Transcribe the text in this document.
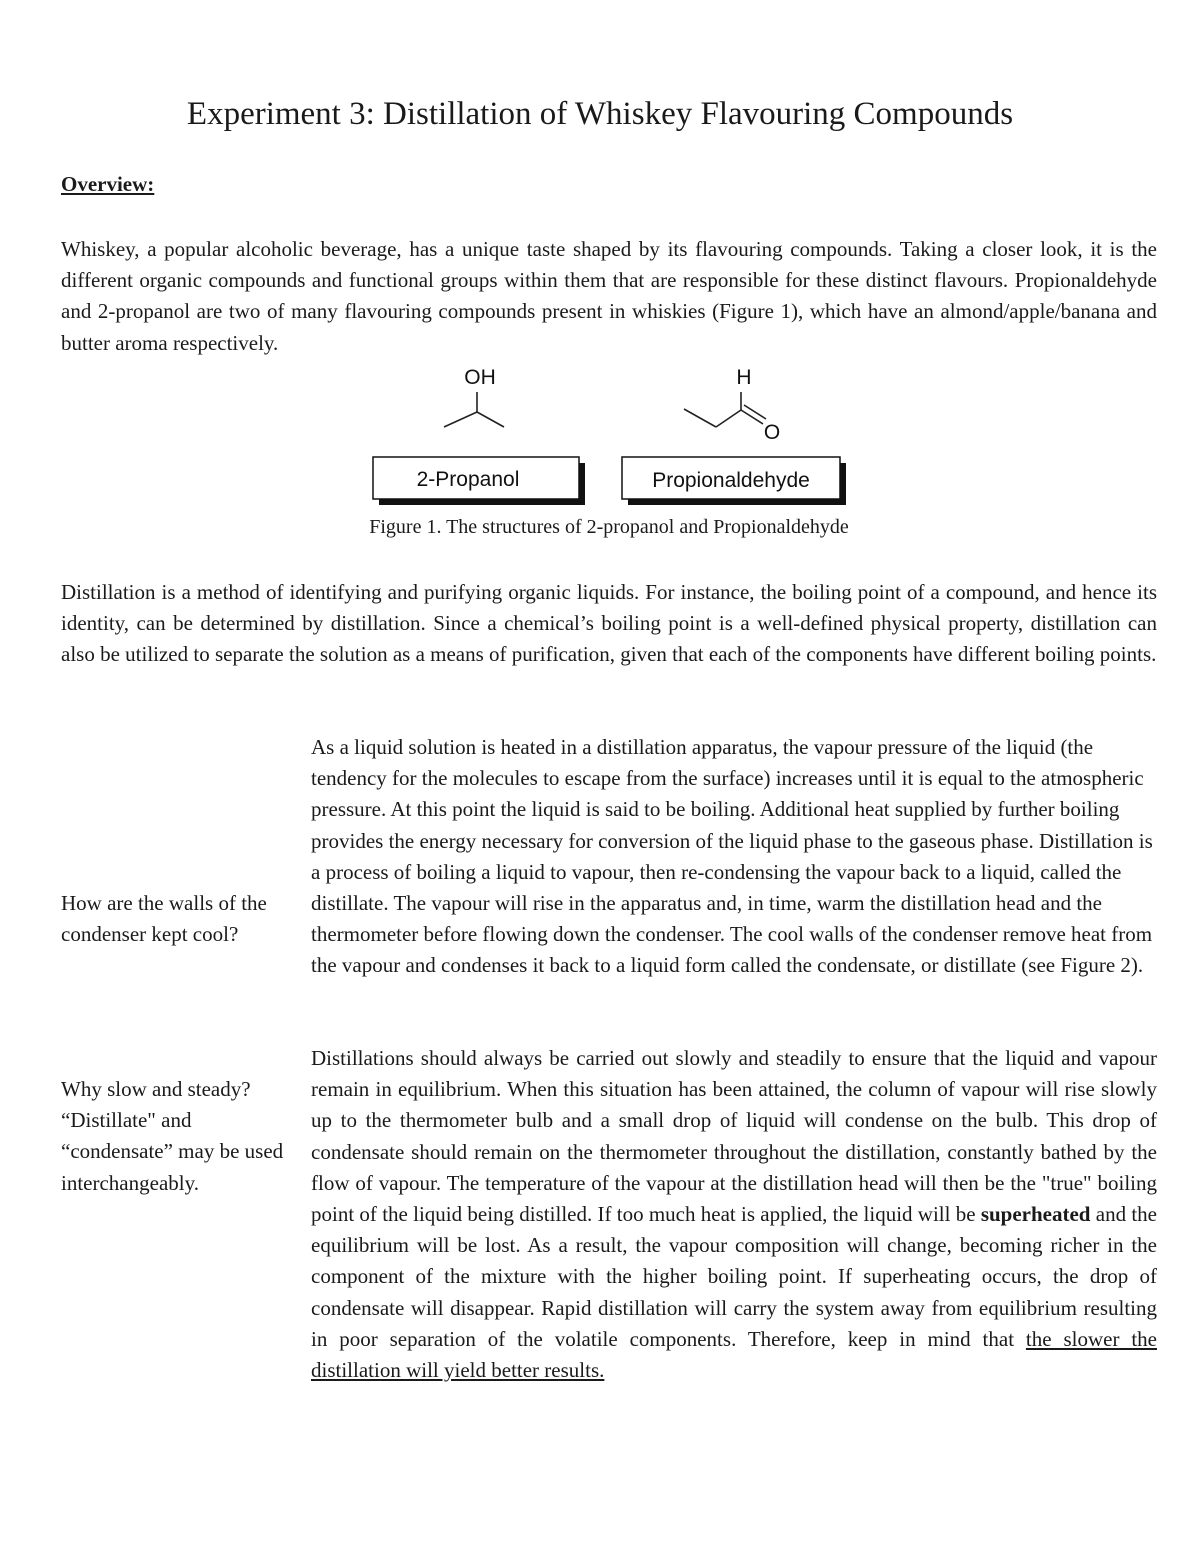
Experiment 3: Distillation of Whiskey Flavouring Compounds
Overview:

Whiskey, a popular alcoholic beverage, has a unique taste shaped by its flavouring compounds. Taking a closer look, it is the different organic compounds and functional groups within them that are responsible for these distinct flavours. Propionaldehyde and 2-propanol are two of many flavouring compounds present in whiskies (Figure 1), which have an almond/apple/banana and butter aroma respectively.

OH	H
O
2-Propanol	Propionaldehyde

Figure 1. The structures of 2-propanol and Propionaldehyde

Distillation is a method of identifying and purifying organic liquids. For instance, the boiling point of a compound, and hence its identity, can be determined by distillation. Since a chemical’s boiling point is a well-defined physical property, distillation can also be utilized to separate the solution as a means of purification, given that each of the components have different boiling points.

How are the walls of the condenser kept cool?

As a liquid solution is heated in a distillation apparatus, the vapour pressure of the liquid (the tendency for the molecules to escape from the surface) increases until it is equal to the atmospheric pressure. At this point the liquid is said to be boiling. Additional heat supplied by further boiling provides the energy necessary for conversion of the liquid phase to the gaseous phase. Distillation is a process of boiling a liquid to vapour, then re-condensing the vapour back to a liquid, called the distillate. The vapour will rise in the apparatus and, in time, warm the distillation head and the thermometer before flowing down the condenser. The cool walls of the condenser remove heat from the vapour and condenses it back to a liquid form called the condensate, or distillate (see Figure 2).

Why slow and steady? “Distillate" and “condensate” may be used interchangeably.

Distillations should always be carried out slowly and steadily to ensure that the liquid and vapour remain in equilibrium. When this situation has been attained, the column of vapour will rise slowly up to the thermometer bulb and a small drop of liquid will condense on the bulb. This drop of condensate should remain on the thermometer throughout the distillation, constantly bathed by the flow of vapour. The temperature of the vapour at the distillation head will then be the "true" boiling point of the liquid being distilled. If too much heat is applied, the liquid will be superheated and the equilibrium will be lost. As a result, the vapour composition will change, becoming richer in the component of the mixture with the higher boiling point. If superheating occurs, the drop of condensate will disappear. Rapid distillation will carry the system away from equilibrium resulting in poor separation of the volatile components. Therefore, keep in mind that the slower the distillation will yield better results.
